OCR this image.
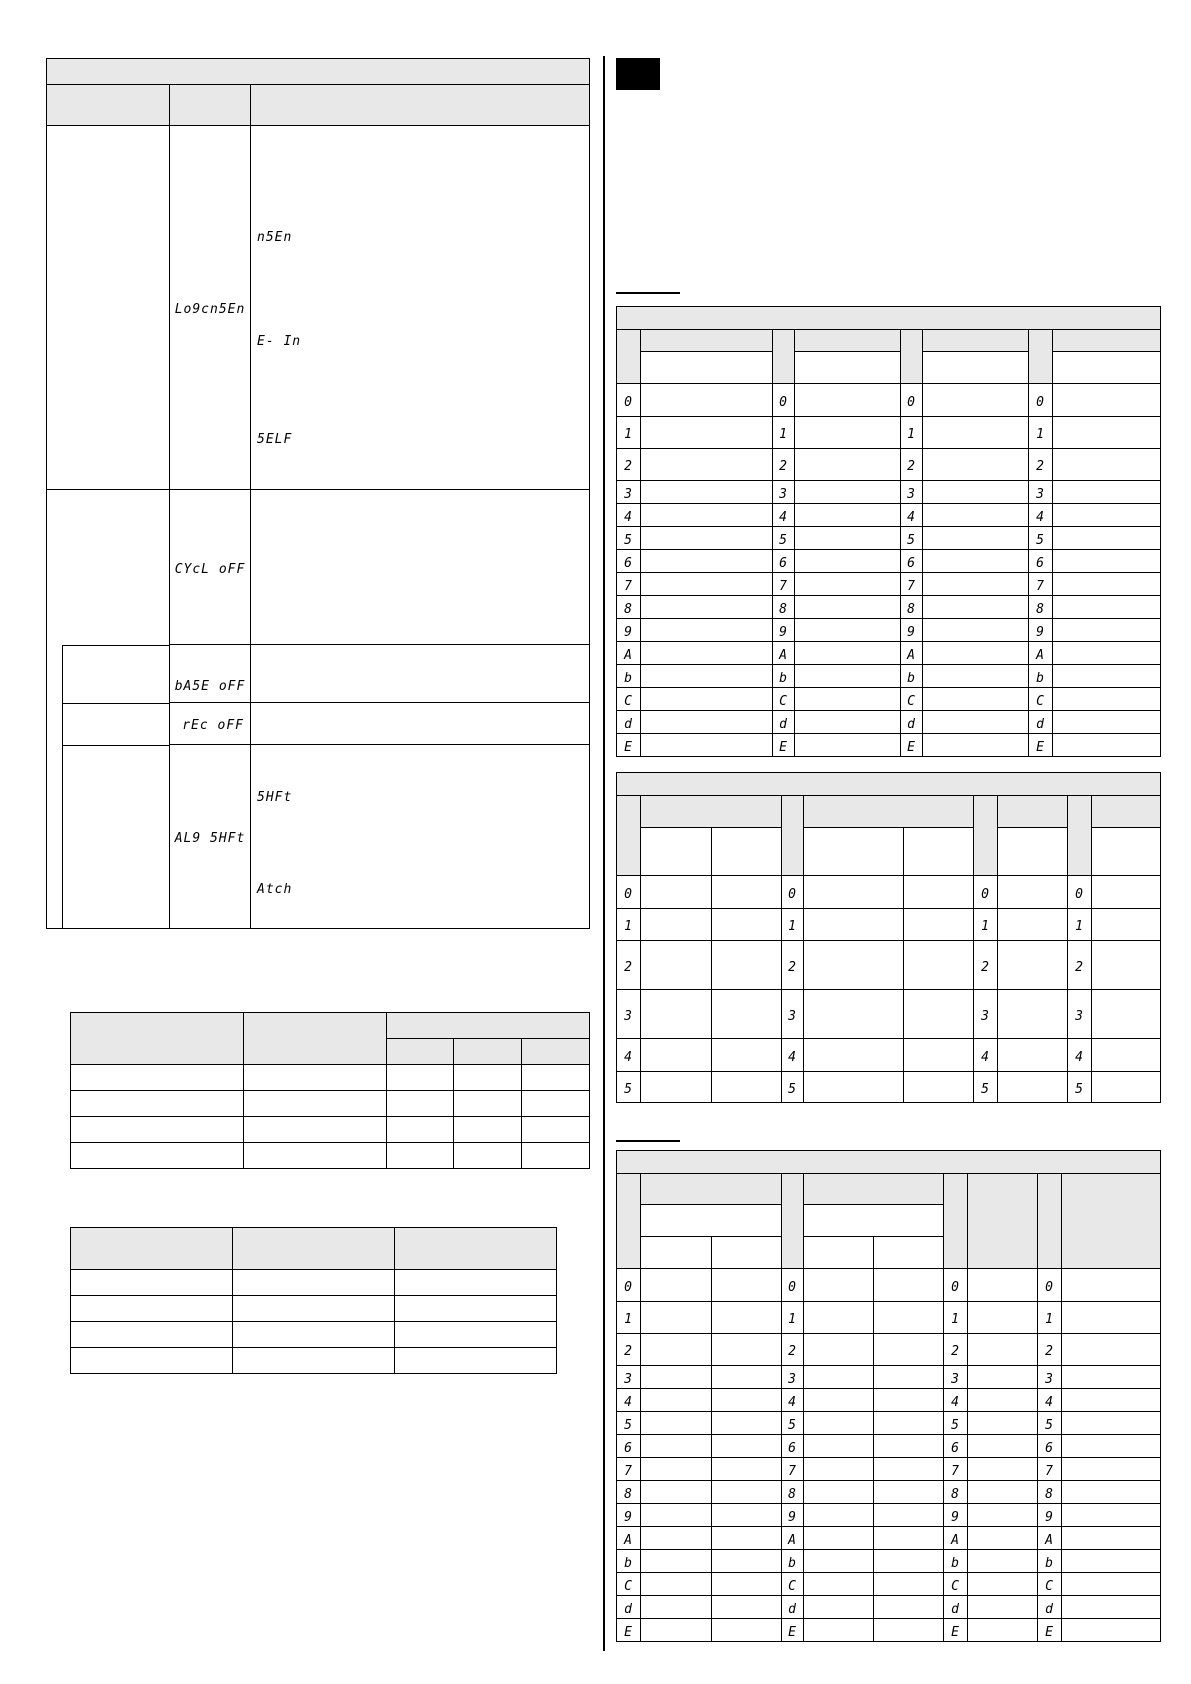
	Lo9cn5En	n5En
E- In
5ELF

	CYcL oFF	

	bA5E oFF	

	rEc oFF	

	AL9 5HFt	5HFt
Atch

0		0		0		0	
1		1		1		1	
2		2		2		2	
3		3		3		3	
4		4		4		4	
5		5		5		5	
6		6		6		6	
7		7		7		7	
8		8		8		8	
9		9		9		9	
A		A		A		A	
b		b		b		b	
C		C		C		C	
d		d		d		d	
E		E		E		E	

0			0			0		0	
1			1			1		1	
2			2			2		2	
3			3			3		3	
4			4			4		4	
5			5			5		5	

0			0			0		0	
1			1			1		1	
2			2			2		2	
3			3			3		3	
4			4			4		4	
5			5			5		5	
6			6			6		6	
7			7			7		7	
8			8			8		8	
9			9			9		9	
A			A			A		A	
b			b			b		b	
C			C			C		C	
d			d			d		d	
E			E			E		E	
